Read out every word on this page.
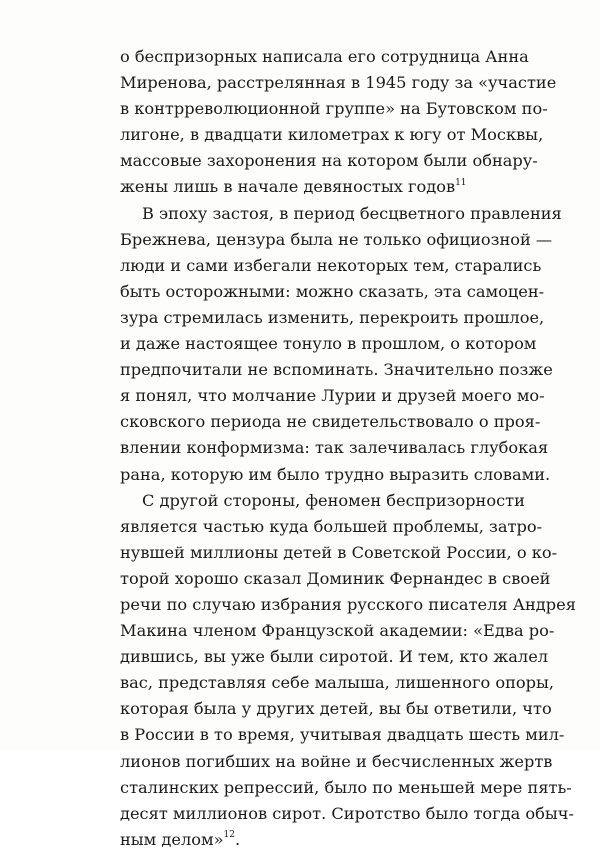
о беспризорных написала его сотрудница Анна
Миренова, расстрелянная в 1945 году за «участие
в контрреволюционной группе» на Бутовском по-
лигоне, в двадцати километрах к югу от Москвы,
массовые захоронения на котором были обнару-
жены лишь в начале девяностых годов$^{11}$

В эпоху застоя, в период бесцветного правления
Брежнева, цензура была не только официозной —
люди и сами избегали некоторых тем, старались
быть осторожными: можно сказать, эта самоцен-
зура стремилась изменить, перекроить прошлое,
и даже настоящее тонуло в прошлом, о котором
предпочитали не вспоминать. Значительно позже
я понял, что молчание Лурии и друзей моего мо-
сковского периода не свидетельствовало о проя-
влении конформизма: так залечивалась глубокая
рана, которую им было трудно выразить словами.

С другой стороны, феномен беспризорности
является частью куда большей проблемы, затро-
нувшей миллионы детей в Советской России, о ко-
торой хорошо сказал Доминик Фернандес в своей
речи по случаю избрания русского писателя Андрея
Макина членом Французской академии: «Едва ро-
дившись, вы уже были сиротой. И тем, кто жалел
вас, представляя себе малыша, лишенного опоры,
которая была у других детей, вы бы ответили, что
в России в то время, учитывая двадцать шесть мил-
лионов погибших на войне и бесчисленных жертв
сталинских репрессий, было по меньшей мере пять-
десят миллионов сирот. Сиротство было тогда обыч-
ным делом»$^{12}$.
